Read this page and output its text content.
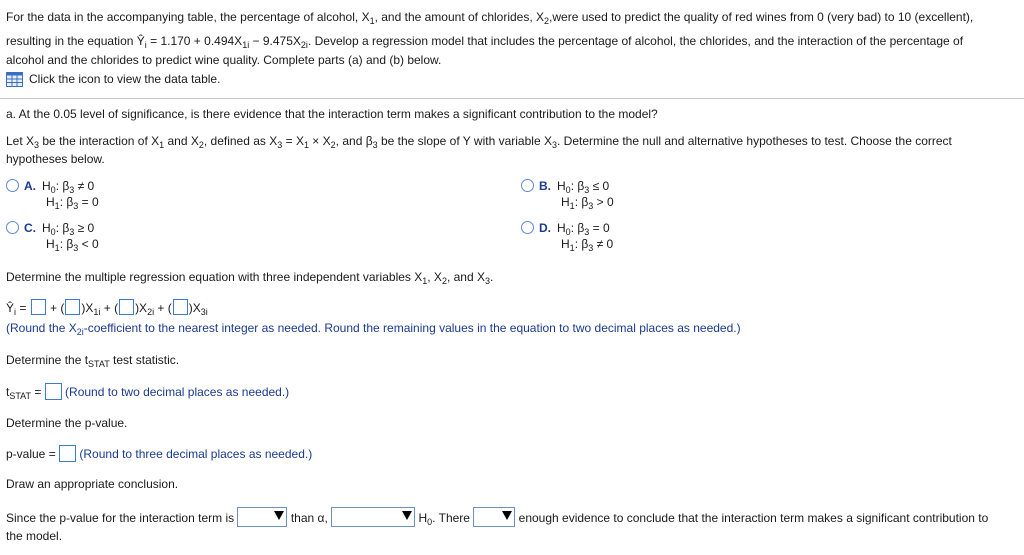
For the data in the accompanying table, the percentage of alcohol, $X_1$, and the amount of chlorides, $X_2,were$ used to predict the quality of red wines from 0 (very bad) to 10 (excellent),
resulting in the equation $Ŷ_i = 1.170 + 0.494X_{1i} - 9.475X_{2i}$. Develop a regression model that includes the percentage of alcohol, the chlorides, and the interaction of the percentage of
alcohol and the chlorides to predict wine quality. Complete parts (a) and (b) below.
Click the icon to view the data table.
a. At the 0.05 level of significance, is there evidence that the interaction term makes a significant contribution to the model?
Let $X_3$ be the interaction of $X_1$ and $X_2$, defined as $X_3 = X_1 \times X_2$, and $\beta_3$ be the slope of Y with variable $X_3$. Determine the null and alternative hypotheses to test. Choose the correct
hypotheses below.
A. $H_0$: $\beta_3 \ne 0$
$H_1$: $\beta_3 = 0$
B. $H_0$: $\beta_3 \le 0$
$H_1$: $\beta_3 > 0$
C. $H_0$: $\beta_3 \ge 0$
$H_1$: $\beta_3 < 0$
D. $H_0$: $\beta_3 = 0$
$H_1$: $\beta_3 \ne 0$
Determine the multiple regression equation with three independent variables $X_1$, $X_2$, and $X_3$.
$Ŷ_i$ =  + ( )$X_{1i}$ + ( )$X_{2i}$ + ( )$X_{3i}$
(Round the $X_{2i}$-coefficient to the nearest integer as needed. Round the remaining values in the equation to two decimal places as needed.)
Determine the $t_{STAT}$ test statistic.
$t_{STAT}$ =  (Round to two decimal places as needed.)
Determine the p-value.
p-value =  (Round to three decimal places as needed.)
Draw an appropriate conclusion.
Since the p-value for the interaction term is	than α,	$H_0$. There	enough evidence to conclude that the interaction term makes a significant contribution to
the model.
